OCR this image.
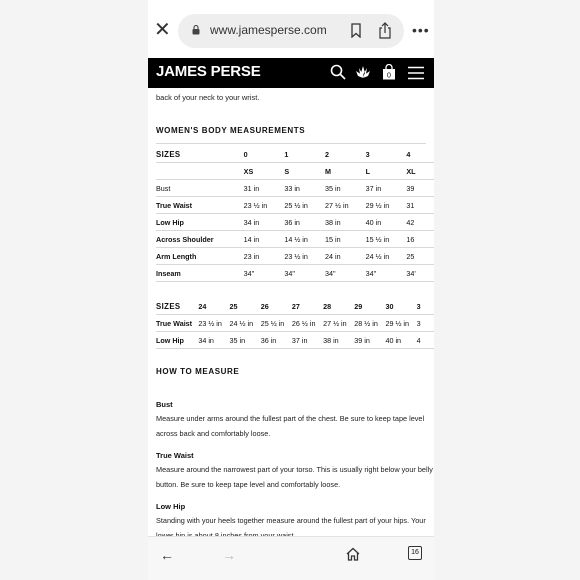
✕	www.jamesperse.com	•••
JAMES PERSE	0

back of your neck to your wrist.

WOMEN'S BODY MEASUREMENTS

SIZES	0	1	2	3	4
	XS	S	M	L	XL
Bust	31 in	33 in	35 in	37 in	39
True Waist	23 ½ in	25 ½ in	27 ½ in	29 ½ in	31
Low Hip	34 in	36 in	38 in	40 in	42
Across Shoulder	14 in	14 ½ in	15 in	15 ½ in	16
Arm Length	23 in	23 ½ in	24 in	24 ½ in	25
Inseam	34"	34"	34"	34"	34'
SIZES	24	25	26	27	28	29	30	3
True Waist	23 ½ in	24 ½ in	25 ½ in	26 ½ in	27 ½ in	28 ½ in	29 ½ in	3
Low Hip	34 in	35 in	36 in	37 in	38 in	39 in	40 in	4

HOW TO MEASURE

Bust

Measure under arms around the fullest part of the chest. Be sure to keep tape level across back and comfortably loose.

True Waist

Measure around the narrowest part of your torso. This is usually right below your belly button. Be sure to keep tape level and comfortably loose.

Low Hip

Standing with your heels together measure around the fullest part of your hips. Your

←	→	16
